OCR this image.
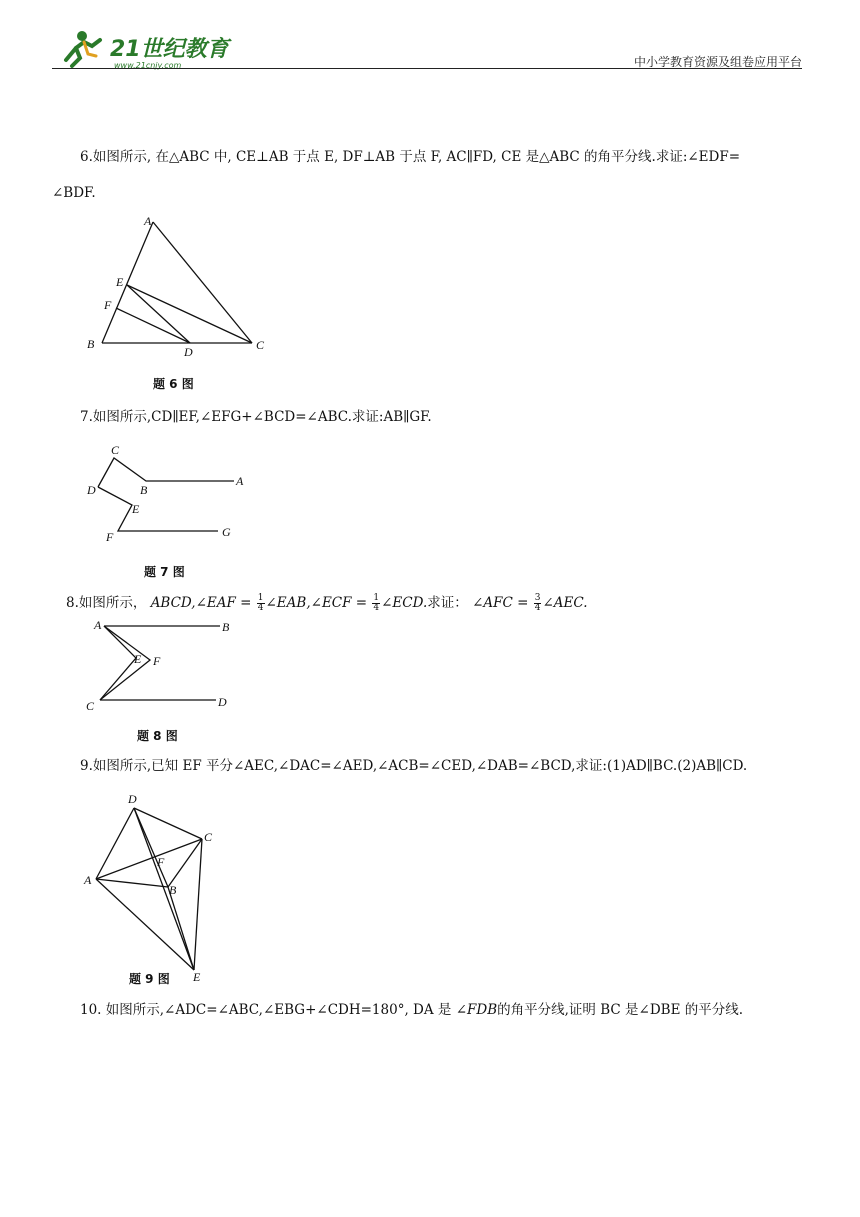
21世纪教育
www.21cnjy.com	中小学教育资源及组卷应用平台
6.如图所示, 在△ABC 中, CE⊥AB 于点 E, DF⊥AB 于点 F, AC∥FD, CE 是△ABC 的角平分线.求证:∠EDF=
∠BDF.
A
E
F
B
D	C
题 6 图
7.如图所示,CD∥EF,∠EFG+∠BCD=∠ABC.求证:AB∥GF.
C
D	B
A
E
F	G
题 7 图
8.如图所示， ABCD,∠EAF = $\frac{1}{4}$ ∠EAB,∠ECF = $\frac{1}{4}$ ∠ECD.求证： ∠AFC = $\frac{3}{4}$ ∠AEC.
A	B
E F
C	D
题 8 图
9.如图所示,已知 EF 平分∠AEC,∠DAC=∠AED,∠ACB=∠CED,∠DAB=∠BCD,求证:(1)AD∥BC.(2)AB∥CD.
D
C
F
A
B
E
题 9 图
10. 如图所示,∠ADC=∠ABC,∠EBG+∠CDH=180°, DA 是 ∠FDB的角平分线,证明 BC 是∠DBE 的平分线.
